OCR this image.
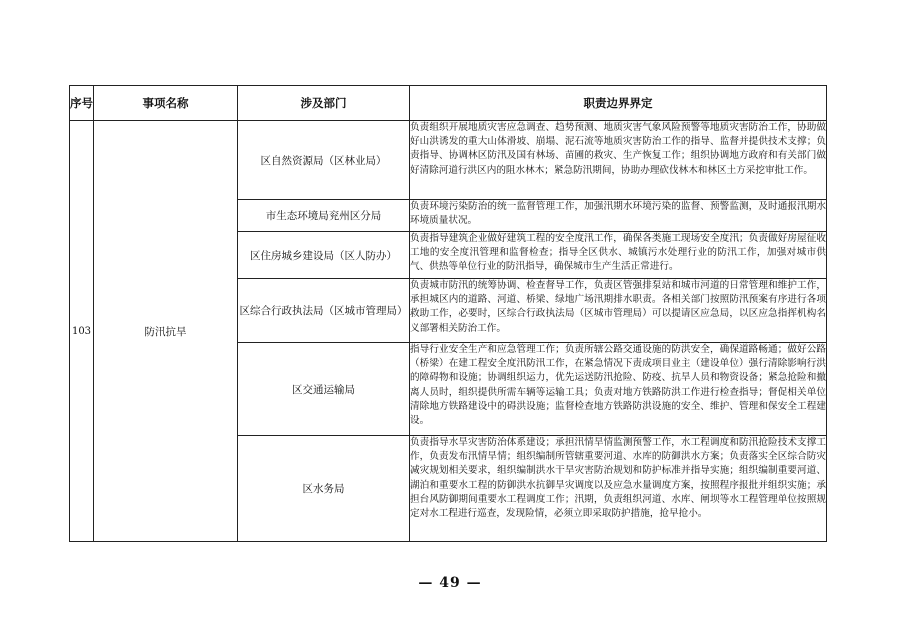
序号	事项名称	涉及部门	职责边界界定
103	防汛抗旱	区自然资源局（区林业局）	负责组织开展地质灾害应急调查、趋势预测、地质灾害气象风险预警等地质灾害防治工作，协助做好山洪诱发的重大山体滑坡、崩塌、泥石流等地质灾害防治工作的指导、监督并提供技术支撑；负责指导、协调林区防汛及国有林场、苗圃的救灾、生产恢复工作；组织协调地方政府和有关部门做好清除河道行洪区内的阻水林木；紧急防汛期间，协助办理砍伐林木和林区土方采挖审批工作。
		市生态环境局兖州区分局	负责环境污染防治的统一监督管理工作，加强汛期水环境污染的监督、预警监测，及时通报汛期水环境质量状况。
		区住房城乡建设局（区人防办）	负责指导建筑企业做好建筑工程的安全度汛工作，确保各类施工现场安全度汛；负责做好房屋征收工地的安全度汛管理和监督检查；指导全区供水、城镇污水处理行业的防汛工作，加强对城市供气、供热等单位行业的防汛指导，确保城市生产生活正常进行。
		区综合行政执法局（区城市管理局）	负责城市防汛的统筹协调、检查督导工作，负责区管强排泵站和城市河道的日常管理和维护工作，承担城区内的道路、河道、桥梁、绿地广场汛期排水职责。各相关部门按照防汛预案有序进行各项救助工作，必要时，区综合行政执法局（区城市管理局）可以提请区应急局，以区应急指挥机构名义部署相关防治工作。
		区交通运输局	指导行业安全生产和应急管理工作；负责所辖公路交通设施的防洪安全，确保道路畅通；做好公路（桥梁）在建工程安全度汛防汛工作，在紧急情况下责成项目业主（建设单位）强行清除影响行洪的障碍物和设施；协调组织运力，优先运送防汛抢险、防疫、抗旱人员和物资设备；紧急抢险和撤离人员时，组织提供所需车辆等运输工具；负责对地方铁路防洪工作进行检查指导；督促相关单位清除地方铁路建设中的碍洪设施；监督检查地方铁路防洪设施的安全、维护、管理和保安全工程建设。
		区水务局	负责指导水旱灾害防治体系建设；承担汛情旱情监测预警工作，水工程调度和防汛抢险技术支撑工作，负责发布汛情旱情；组织编制所管辖重要河道、水库的防御洪水方案；负责落实全区综合防灾减灾规划相关要求，组织编制洪水干旱灾害防治规划和防护标准并指导实施；组织编制重要河道、湖泊和重要水工程的防御洪水抗御旱灾调度以及应急水量调度方案，按照程序报批并组织实施；承担台风防御期间重要水工程调度工作；汛期，负责组织河道、水库、闸坝等水工程管理单位按照规定对水工程进行巡查，发现险情，必须立即采取防护措施，抢早抢小。
— 49 —
